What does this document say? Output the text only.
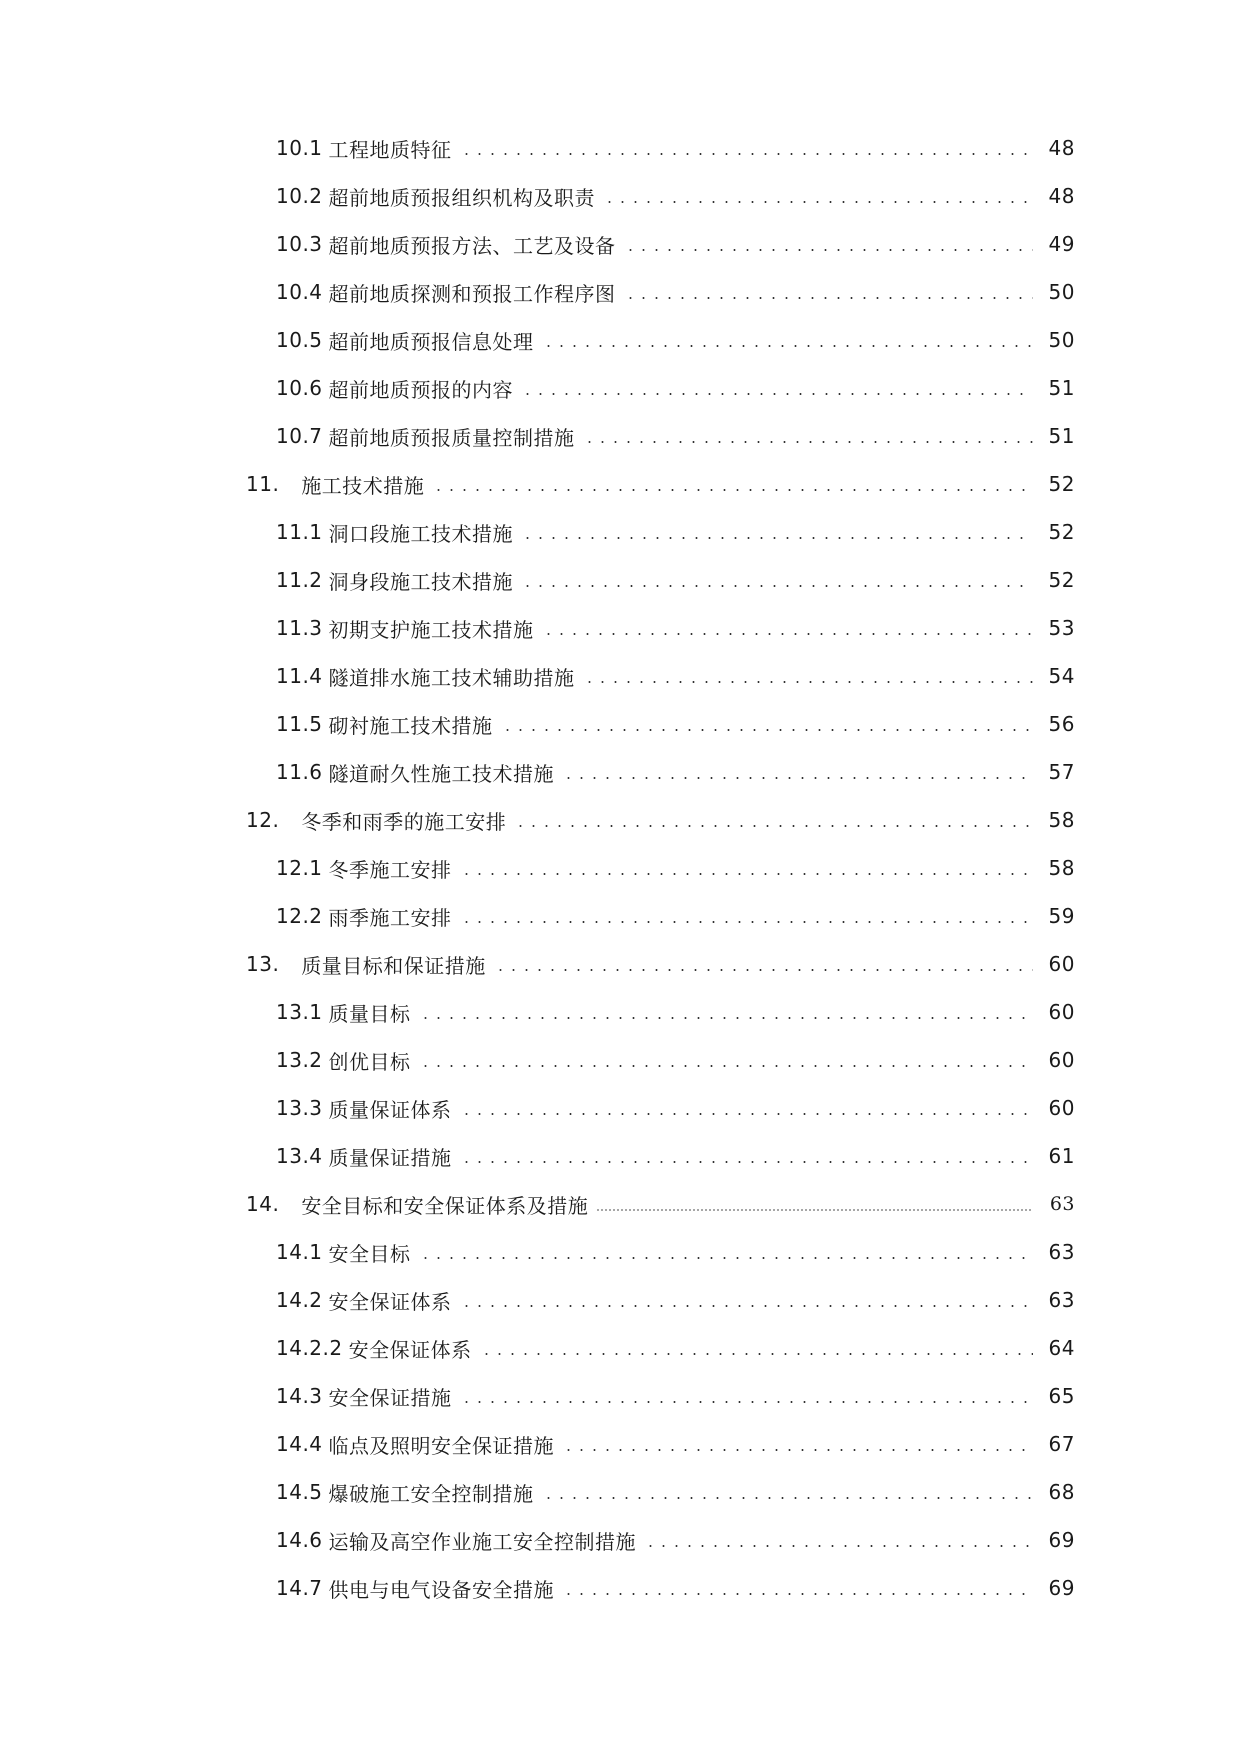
10.1 工程地质特征	48
10.2 超前地质预报组织机构及职责	48
10.3 超前地质预报方法、工艺及设备	49
10.4 超前地质探测和预报工作程序图	50
10.5 超前地质预报信息处理	50
10.6 超前地质预报的内容	51
10.7 超前地质预报质量控制措施	51
11. 施工技术措施	52
11.1 洞口段施工技术措施	52
11.2 洞身段施工技术措施	52
11.3 初期支护施工技术措施	53
11.4 隧道排水施工技术辅助措施	54
11.5 砌衬施工技术措施	56
11.6 隧道耐久性施工技术措施	57
12. 冬季和雨季的施工安排	58
12.1 冬季施工安排	58
12.2 雨季施工安排	59
13. 质量目标和保证措施	60
13.1 质量目标	60
13.2 创优目标	60
13.3 质量保证体系	60
13.4 质量保证措施	61
14. 安全目标和安全保证体系及措施	63
14.1 安全目标	63
14.2 安全保证体系	63
14.2.2 安全保证体系	64
14.3 安全保证措施	65
14.4 临点及照明安全保证措施	67
14.5 爆破施工安全控制措施	68
14.6 运输及高空作业施工安全控制措施	69
14.7 供电与电气设备安全措施	69
